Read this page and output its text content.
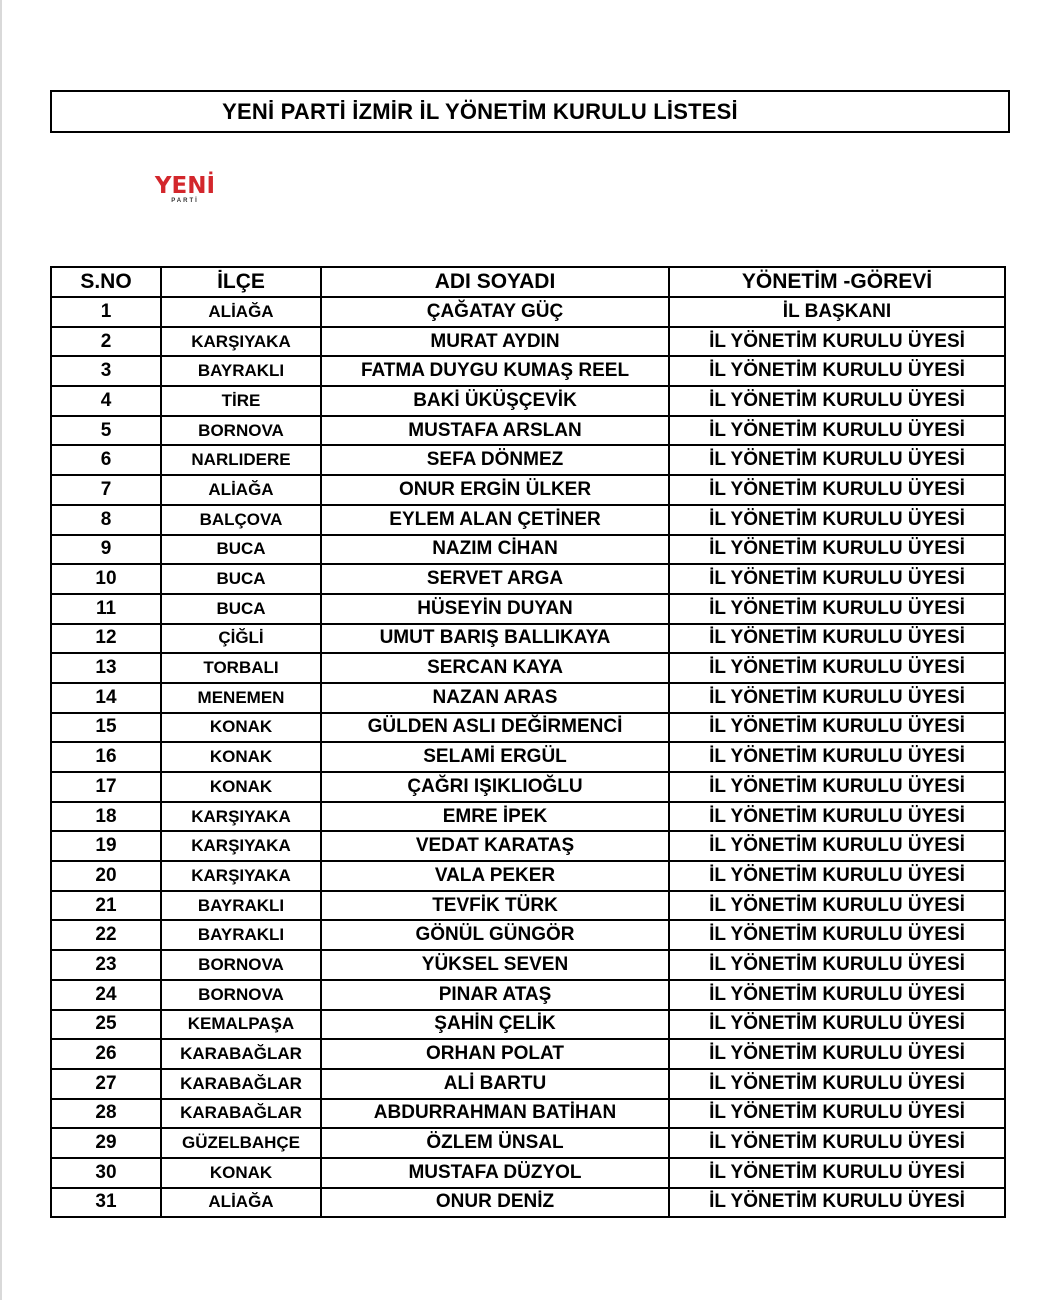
YENİ PARTİ İZMİR İL YÖNETİM KURULU LİSTESİ
YENİ
PARTİ
S.NO	İLÇE	ADI SOYADI	YÖNETİM -GÖREVİ
1	ALİAĞA	ÇAĞATAY GÜÇ	İL BAŞKANI
2	KARŞIYAKA	MURAT AYDIN	İL YÖNETİM KURULU ÜYESİ
3	BAYRAKLI	FATMA DUYGU KUMAŞ REEL	İL YÖNETİM KURULU ÜYESİ
4	TİRE	BAKİ ÜKÜŞÇEVİK	İL YÖNETİM KURULU ÜYESİ
5	BORNOVA	MUSTAFA ARSLAN	İL YÖNETİM KURULU ÜYESİ
6	NARLIDERE	SEFA DÖNMEZ	İL YÖNETİM KURULU ÜYESİ
7	ALİAĞA	ONUR ERGİN ÜLKER	İL YÖNETİM KURULU ÜYESİ
8	BALÇOVA	EYLEM ALAN ÇETİNER	İL YÖNETİM KURULU ÜYESİ
9	BUCA	NAZIM CİHAN	İL YÖNETİM KURULU ÜYESİ
10	BUCA	SERVET ARGA	İL YÖNETİM KURULU ÜYESİ
11	BUCA	HÜSEYİN DUYAN	İL YÖNETİM KURULU ÜYESİ
12	ÇİĞLİ	UMUT BARIŞ BALLIKAYA	İL YÖNETİM KURULU ÜYESİ
13	TORBALI	SERCAN KAYA	İL YÖNETİM KURULU ÜYESİ
14	MENEMEN	NAZAN ARAS	İL YÖNETİM KURULU ÜYESİ
15	KONAK	GÜLDEN ASLI DEĞİRMENCİ	İL YÖNETİM KURULU ÜYESİ
16	KONAK	SELAMİ ERGÜL	İL YÖNETİM KURULU ÜYESİ
17	KONAK	ÇAĞRI IŞIKLIOĞLU	İL YÖNETİM KURULU ÜYESİ
18	KARŞIYAKA	EMRE İPEK	İL YÖNETİM KURULU ÜYESİ
19	KARŞIYAKA	VEDAT KARATAŞ	İL YÖNETİM KURULU ÜYESİ
20	KARŞIYAKA	VALA PEKER	İL YÖNETİM KURULU ÜYESİ
21	BAYRAKLI	TEVFİK TÜRK	İL YÖNETİM KURULU ÜYESİ
22	BAYRAKLI	GÖNÜL GÜNGÖR	İL YÖNETİM KURULU ÜYESİ
23	BORNOVA	YÜKSEL SEVEN	İL YÖNETİM KURULU ÜYESİ
24	BORNOVA	PINAR ATAŞ	İL YÖNETİM KURULU ÜYESİ
25	KEMALPAŞA	ŞAHİN ÇELİK	İL YÖNETİM KURULU ÜYESİ
26	KARABAĞLAR	ORHAN POLAT	İL YÖNETİM KURULU ÜYESİ
27	KARABAĞLAR	ALİ BARTU	İL YÖNETİM KURULU ÜYESİ
28	KARABAĞLAR	ABDURRAHMAN BATİHAN	İL YÖNETİM KURULU ÜYESİ
29	GÜZELBAHÇE	ÖZLEM ÜNSAL	İL YÖNETİM KURULU ÜYESİ
30	KONAK	MUSTAFA DÜZYOL	İL YÖNETİM KURULU ÜYESİ
31	ALİAĞA	ONUR DENİZ	İL YÖNETİM KURULU ÜYESİ
